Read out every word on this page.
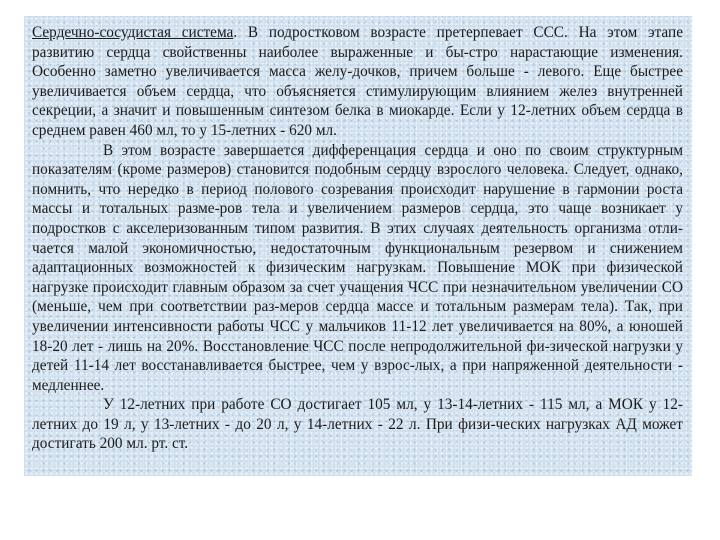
Сердечно-сосудистая система. В подростковом возрасте претерпевает ССС. На этом этапе развитию сердца свойственны наиболее выраженные и бы-стро нарастающие изменения. Особенно заметно увеличивается масса желу-дочков, причем больше - левого. Еще быстрее увеличивается объем сердца, что объясняется стимулирующим влиянием желез внутренней секреции, а значит и повышенным синтезом белка в миокарде. Если у 12-летних объем сердца в среднем равен 460 мл, то у 15-летних - 620 мл.

В этом возрасте завершается дифференцация сердца и оно по своим структурным показателям (кроме размеров) становится подобным сердцу взрослого человека. Следует, однако, помнить, что нередко в период полового созревания происходит нарушение в гармонии роста массы и тотальных разме-ров тела и увеличением размеров сердца, это чаще возникает у подростков с акселеризованным типом развития. В этих случаях деятельность организма отли-чается малой экономичностью, недостаточным функциональным резервом и снижением адаптационных возможностей к физическим нагрузкам. Повышение МОК при физической нагрузке происходит главным образом за счет учащения ЧСС при незначительном увеличении СО (меньше, чем при соответствии раз-меров сердца массе и тотальным размерам тела). Так, при увеличении интенсивности работы ЧСС у мальчиков 11-12 лет увеличивается на 80%, а юношей 18-20 лет - лишь на 20%. Восстановление ЧСС после непродолжительной фи-зической нагрузки у детей 11-14 лет восстанавливается быстрее, чем у взрос-лых, а при напряженной деятельности - медленнее.

У 12-летних при работе СО достигает 105 мл, у 13-14-летних - 115 мл, а МОК у 12-летних до 19 л, у 13-летних - до 20 л, у 14-летних - 22 л. При физи-ческих нагрузках АД может достигать 200 мл. рт. ст.
